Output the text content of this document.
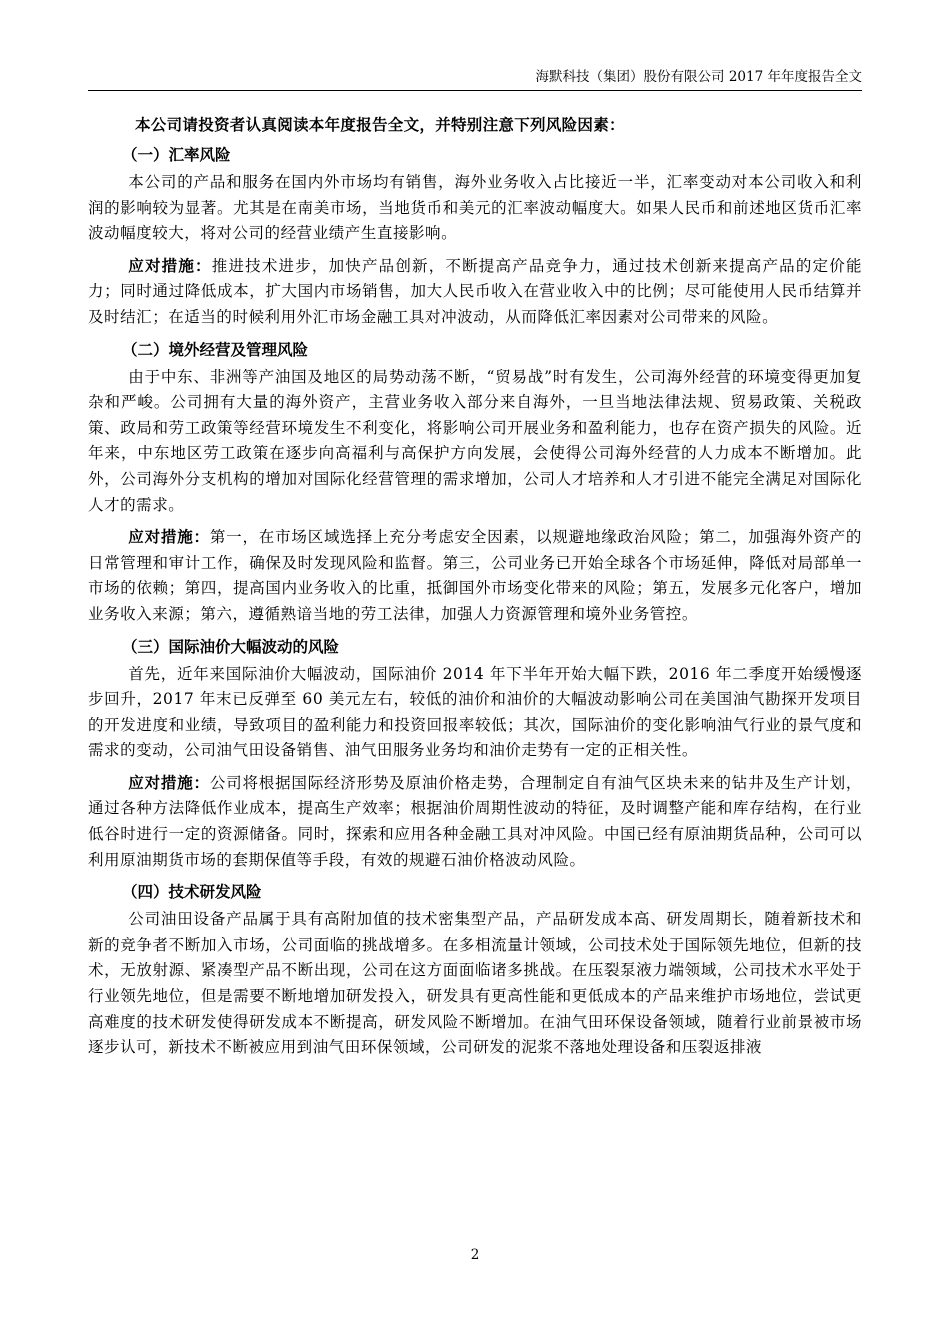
海默科技（集团）股份有限公司 2017 年年度报告全文

本公司请投资者认真阅读本年度报告全文，并特别注意下列风险因素：

（一）汇率风险

本公司的产品和服务在国内外市场均有销售，海外业务收入占比接近一半，汇率变动对本公司收入和利润的影响较为显著。尤其是在南美市场，当地货币和美元的汇率波动幅度大。如果人民币和前述地区货币汇率波动幅度较大，将对公司的经营业绩产生直接影响。

应对措施：推进技术进步，加快产品创新，不断提高产品竞争力，通过技术创新来提高产品的定价能力；同时通过降低成本，扩大国内市场销售，加大人民币收入在营业收入中的比例；尽可能使用人民币结算并及时结汇；在适当的时候利用外汇市场金融工具对冲波动，从而降低汇率因素对公司带来的风险。

（二）境外经营及管理风险

由于中东、非洲等产油国及地区的局势动荡不断，“贸易战”时有发生，公司海外经营的环境变得更加复杂和严峻。公司拥有大量的海外资产，主营业务收入部分来自海外，一旦当地法律法规、贸易政策、关税政策、政局和劳工政策等经营环境发生不利变化，将影响公司开展业务和盈利能力，也存在资产损失的风险。近年来，中东地区劳工政策在逐步向高福利与高保护方向发展，会使得公司海外经营的人力成本不断增加。此外，公司海外分支机构的增加对国际化经营管理的需求增加，公司人才培养和人才引进不能完全满足对国际化人才的需求。

应对措施：第一，在市场区域选择上充分考虑安全因素，以规避地缘政治风险；第二，加强海外资产的日常管理和审计工作，确保及时发现风险和监督。第三，公司业务已开始全球各个市场延伸，降低对局部单一市场的依赖；第四，提高国内业务收入的比重，抵御国外市场变化带来的风险；第五，发展多元化客户，增加业务收入来源；第六，遵循熟谙当地的劳工法律，加强人力资源管理和境外业务管控。

（三）国际油价大幅波动的风险

首先，近年来国际油价大幅波动，国际油价 2014 年下半年开始大幅下跌，2016 年二季度开始缓慢逐步回升，2017 年末已反弹至 60 美元左右，较低的油价和油价的大幅波动影响公司在美国油气勘探开发项目的开发进度和业绩，导致项目的盈利能力和投资回报率较低；其次，国际油价的变化影响油气行业的景气度和需求的变动，公司油气田设备销售、油气田服务业务均和油价走势有一定的正相关性。

应对措施：公司将根据国际经济形势及原油价格走势，合理制定自有油气区块未来的钻井及生产计划，通过各种方法降低作业成本，提高生产效率；根据油价周期性波动的特征，及时调整产能和库存结构，在行业低谷时进行一定的资源储备。同时，探索和应用各种金融工具对冲风险。中国已经有原油期货品种，公司可以利用原油期货市场的套期保值等手段，有效的规避石油价格波动风险。

（四）技术研发风险

公司油田设备产品属于具有高附加值的技术密集型产品，产品研发成本高、研发周期长，随着新技术和新的竞争者不断加入市场，公司面临的挑战增多。在多相流量计领域，公司技术处于国际领先地位，但新的技术，无放射源、紧凑型产品不断出现，公司在这方面面临诸多挑战。在压裂泵液力端领域，公司技术水平处于行业领先地位，但是需要不断地增加研发投入，研发具有更高性能和更低成本的产品来维护市场地位，尝试更高难度的技术研发使得研发成本不断提高，研发风险不断增加。在油气田环保设备领域，随着行业前景被市场逐步认可，新技术不断被应用到油气田环保领域，公司研发的泥浆不落地处理设备和压裂返排液

2
